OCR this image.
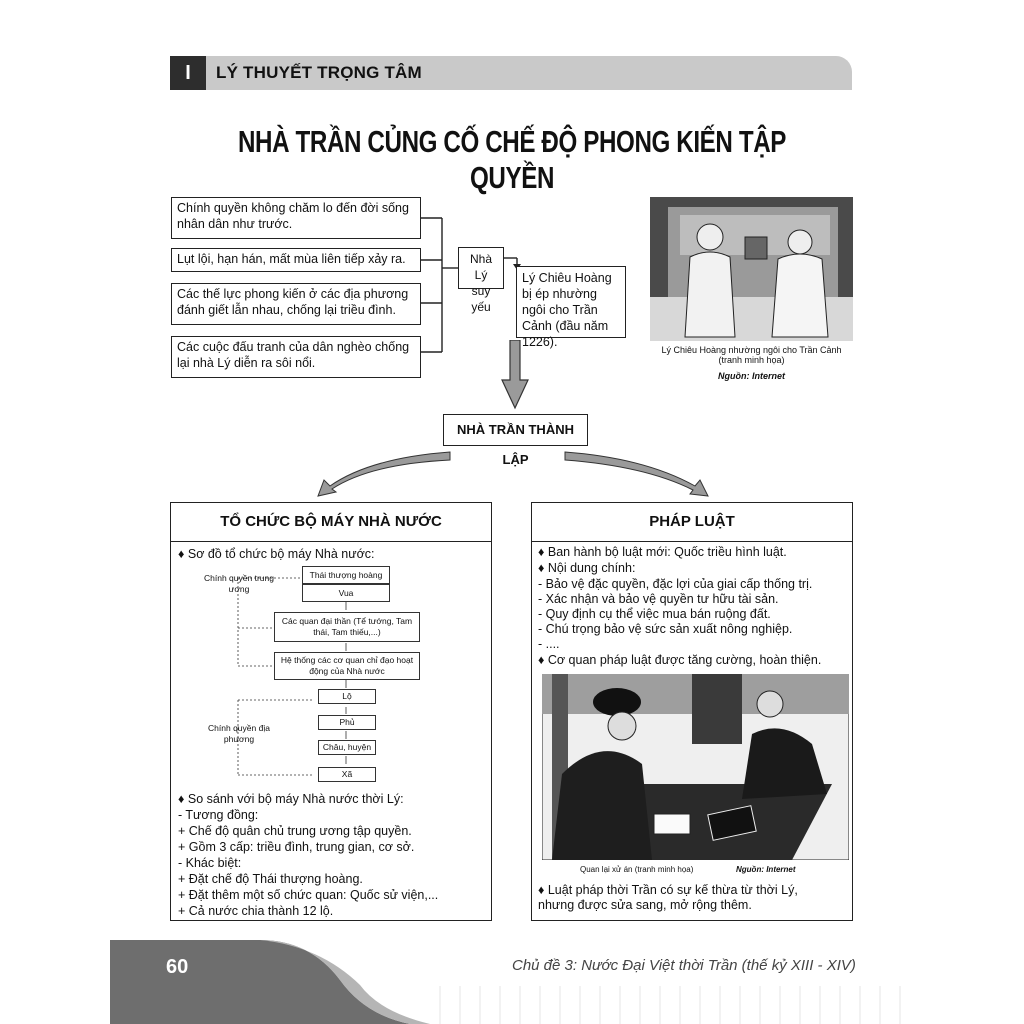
I	LÝ THUYẾT TRỌNG TÂM
NHÀ TRẦN CỦNG CỐ CHẾ ĐỘ PHONG KIẾN TẬP QUYỀN
Chính quyền không chăm lo đến đời sống nhân dân như trước.
Lụt lội, hạn hán, mất mùa liên tiếp xảy ra.
Các thế lực phong kiến ở các địa phương đánh giết lẫn nhau, chống lại triều đình.
Các cuộc đấu tranh của dân nghèo chống lại nhà Lý diễn ra sôi nổi.
Nhà Lý suy yếu
Lý Chiêu Hoàng bị ép nhường ngôi cho Trần Cảnh (đầu năm 1226).
Lý Chiêu Hoàng nhường ngôi cho Trần Cảnh (tranh minh họa)
Nguồn: Internet
NHÀ TRẦN THÀNH LẬP
TỔ CHỨC BỘ MÁY NHÀ NƯỚC
♦ Sơ đồ tổ chức bộ máy Nhà nước:
Chính quyền trung ương
Chính quyền địa phương
Thái thượng hoàng
Vua
Các quan đại thần (Tể tướng, Tam thái, Tam thiếu,...)
Hệ thống các cơ quan chỉ đạo hoạt động của Nhà nước
Lộ
Phủ
Châu, huyện
Xã
♦ So sánh với bộ máy Nhà nước thời Lý:
- Tương đồng:
+ Chế độ quân chủ trung ương tập quyền.
+ Gồm 3 cấp: triều đình, trung gian, cơ sở.
- Khác biệt:
+ Đặt chế độ Thái thượng hoàng.
+ Đặt thêm một số chức quan: Quốc sử viện,...
+ Cả nước chia thành 12 lộ.
PHÁP LUẬT
♦ Ban hành bộ luật mới: Quốc triều hình luật.
♦ Nội dung chính:
- Bảo vệ đặc quyền, đặc lợi của giai cấp thống trị.
- Xác nhận và bảo vệ quyền tư hữu tài sản.
- Quy định cụ thể việc mua bán ruộng đất.
- Chú trọng bảo vệ sức sản xuất nông nghiệp.
- ....
♦ Cơ quan pháp luật được tăng cường, hoàn thiện.
Quan lại xử án (tranh minh họa)	Nguồn: Internet
♦ Luật pháp thời Trần có sự kế thừa từ thời Lý,
nhưng được sửa sang, mở rộng thêm.
60	Chủ đề 3: Nước Đại Việt thời Trần (thế kỷ XIII - XIV)
